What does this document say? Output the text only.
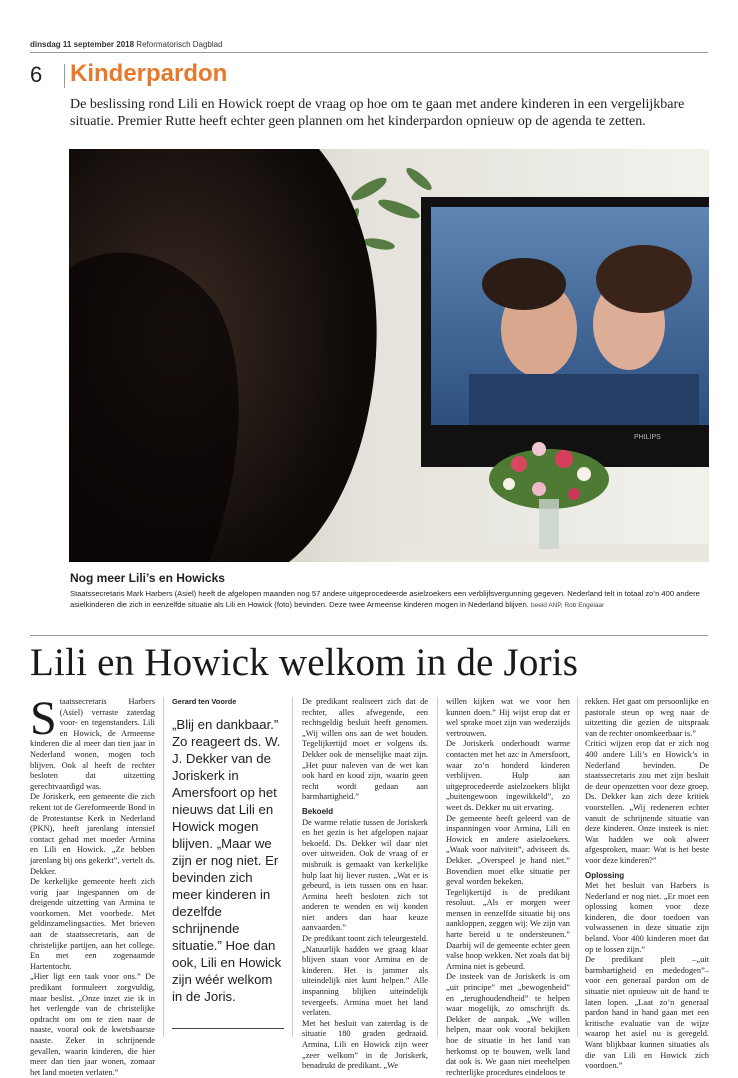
dinsdag 11 september 2018 Reformatorisch Dagblad
6 Kinderpardon
De beslissing rond Lili en Howick roept de vraag op hoe om te gaan met andere kinderen in een vergelijkbare situatie. Premier Rutte heeft echter geen plannen om het kinderpardon opnieuw op de agenda te zetten.
PHILIPS
Nog meer Lili’s en Howicks
Staatssecretaris Mark Harbers (Asiel) heeft de afgelopen maanden nog 57 andere uitgeprocedeerde asielzoekers een verblijfsvergunning gegeven. Nederland telt in totaal zo’n 400 andere asielkinderen die zich in eenzelfde situatie als Lili en Howick (foto) bevinden. Deze twee Armeense kinderen mogen in Nederland blijven. beeld ANP, Rob Engelaar
Lili en Howick welkom in de Joris

Staatssecretaris Harbers (Asiel) verraste zaterdag voor- en tegenstanders. Lili en Howick, de Armeense kinderen die al meer dan tien jaar in Nederland wonen, mogen toch blijven. Ook al heeft de rechter besloten dat uitzetting gerechtvaardigd was.

De Joriskerk, een gemeente die zich rekent tot de Gereformeerde Bond in de Protestantse Kerk in Nederland (PKN), heeft jarenlang intensief contact gehad met moeder Armina en Lili en Howick. „Ze hebben jarenlang bij ons gekerkt”, vertelt ds. Dekker.

De kerkelijke gemeente heeft zich vorig jaar ingespannen om de dreigende uitzetting van Armina te voorkomen. Met voorbede. Met geldinzamelingsacties. Met brieven aan de staatssecretaris, aan de christelijke partijen, aan het college. En met een zogenaamde Hartentocht.

„Hier ligt een taak voor ons.” De predikant formuleert zorgvuldig, maar beslist. „Onze inzet zie ik in het verlengde van de christelijke opdracht om om te zien naar de naaste, vooral ook de kwetsbaarste naaste. Zeker in schrijnende gevallen, waarin kinderen, die hier meer dan tien jaar wonen, zomaar het land moeten verlaten.”

Gerard ten Voorde
„Blij en dankbaar.” Zo reageert ds. W. J. Dekker van de Joriskerk in Amersfoort op het nieuws dat Lili en Howick mogen blijven. „Maar we zijn er nog niet. Er bevinden zich meer kinderen in dezelfde schrijnende situatie.” Hoe dan ook, Lili en Howick zijn wéér welkom in de Joris.

De predikant realiseert zich dat de rechter, alles afwegende, een rechtsgeldig besluit heeft genomen. „Wij willen ons aan de wet houden. Tegelijkertijd moet er volgens ds. Dekker ook de menselijke maat zijn. „Het puur naleven van de wet kan ook hard en koud zijn, waarin geen recht wordt gedaan aan barmhartigheid.”

Bekoeld

De warme relatie tussen de Joriskerk en het gezin is het afgelopen najaar bekoeld. Ds. Dekker wil daar niet over uitweiden. Ook de vraag of er misbruik is gemaakt van kerkelijke hulp laat hij liever rusten. „Wat er is gebeurd, is iets tussen ons en haar. Armina heeft besloten zich tot anderen te wenden en wij konden niet anders dan haar keuze aanvaarden.”

De predikant toont zich teleurgesteld. „Natuurlijk hadden we graag klaar blijven staan voor Armina en de kinderen. Het is jammer als uiteindelijk niet kunt helpen.” Alle inspanning blijken uiteindelijk tevergeefs. Armina moet het land verlaten.

Met het besluit van zaterdag is de situatie 180 graden gedraaid. Armina, Lili en Howick zijn weer „zeer welkom” in de Joriskerk, benadrukt de predikant. „We

willen kijken wat we voor hen kunnen doen.” Hij wijst erop dat er wel sprake moet zijn van wederzijds vertrouwen.

De Joriskerk onderhoudt warme contacten met het azc in Amersfoort, waar zo’n honderd kinderen verblijven. Hulp aan uitgeprocedeerde asielzoekers blijkt „buitengewoon ingewikkeld”, zo weet ds. Dekker nu uit ervaring.

De gemeente heeft geleerd van de inspanningen voor Armina, Lili en Howick en andere asielzoekers. „Waak voor naïviteit”, adviseert ds. Dekker. „Overspeel je hand niet.” Bovendien moet elke situatie per geval worden bekeken.

Tegelijkertijd is de predikant resoluut. „Als er morgen weer mensen in eenzelfde situatie bij ons aankloppen, zeggen wij: We zijn van harte bereid u te ondersteunen.” Daarbij wil de gemeente echter geen valse hoop wekken. Net zoals dat bij Armina niet is gebeurd.

De insteek van de Joriskerk is om „uit principe” met „bewogenheid” en „terughoudendheid” te helpen waar mogelijk, zo omschrijft ds. Dekker de aanpak. „We willen helpen, maar ook vooral bekijken hoe de situatie in het land van herkomst op te bouwen, welk land dat ook is. We gaan niet meehelpen rechterlijke procedures eindeloos te

rekken. Het gaat om persoonlijke en pastorale steun op weg naar de uitzetting die gezien de uitspraak van de rechter onomkeerbaar is.”

Critici wijzen erop dat er zich nog 400 andere Lili’s en Howick’s in Nederland bevinden. De staatssecretaris zou met zijn besluit de deur openzetten voor deze groep. Ds. Dekker kan zich deze kritiek voorstellen. „Wij redeneren echter vanuit de schrijnende situatie van deze kinderen. Onze insteek is niet: Wat hadden we ook alweer afgesproken, maar: Wat is het beste voor deze kinderen?”

Oplossing

Met het besluit van Harbers is Nederland er nog niet. „Er moet een oplossing komen voor deze kinderen, die door toedoen van volwassenen in deze situatie zijn beland. Voor 400 kinderen moet dat op te lossen zijn.”

De predikant pleit –„uit barmhartigheid en mededogen”– voor een generaal pardon om de situatie niet opnieuw uit de hand te laten lopen. „Laat zo’n generaal pardon hand in hand gaan met een kritische evaluatie van de wijze waarop het asiel nu is geregeld. Want blijkbaar kunnen situaties als die van Lili en Howick zich voordoen.”
